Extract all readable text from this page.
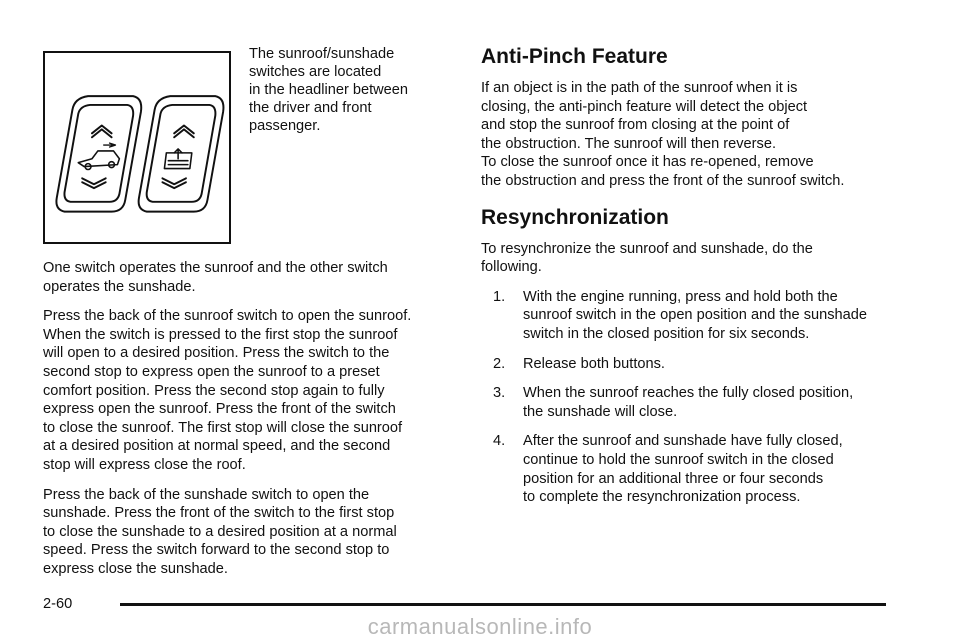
The sunroof/sunshade
switches are located
in the headliner between
the driver and front
passenger.

One switch operates the sunroof and the other switch
operates the sunshade.

Press the back of the sunroof switch to open the sunroof.
When the switch is pressed to the first stop the sunroof
will open to a desired position. Press the switch to the
second stop to express open the sunroof to a preset
comfort position. Press the second stop again to fully
express open the sunroof. Press the front of the switch
to close the sunroof. The first stop will close the sunroof
at a desired position at normal speed, and the second
stop will express close the roof.

Press the back of the sunshade switch to open the
sunshade. Press the front of the switch to the first stop
to close the sunshade to a desired position at a normal
speed. Press the switch forward to the second stop to
express close the sunshade.

Anti-Pinch Feature

If an object is in the path of the sunroof when it is
closing, the anti-pinch feature will detect the object
and stop the sunroof from closing at the point of
the obstruction. The sunroof will then reverse.
To close the sunroof once it has re-opened, remove
the obstruction and press the front of the sunroof switch.

Resynchronization

To resynchronize the sunroof and sunshade, do the
following.

1. With the engine running, press and hold both the
sunroof switch in the open position and the sunshade
switch in the closed position for six seconds.
2. Release both buttons.
3. When the sunroof reaches the fully closed position,
the sunshade will close.
4. After the sunroof and sunshade have fully closed,
continue to hold the sunroof switch in the closed
position for an additional three or four seconds
to complete the resynchronization process.
2-60
carmanualsonline.info
